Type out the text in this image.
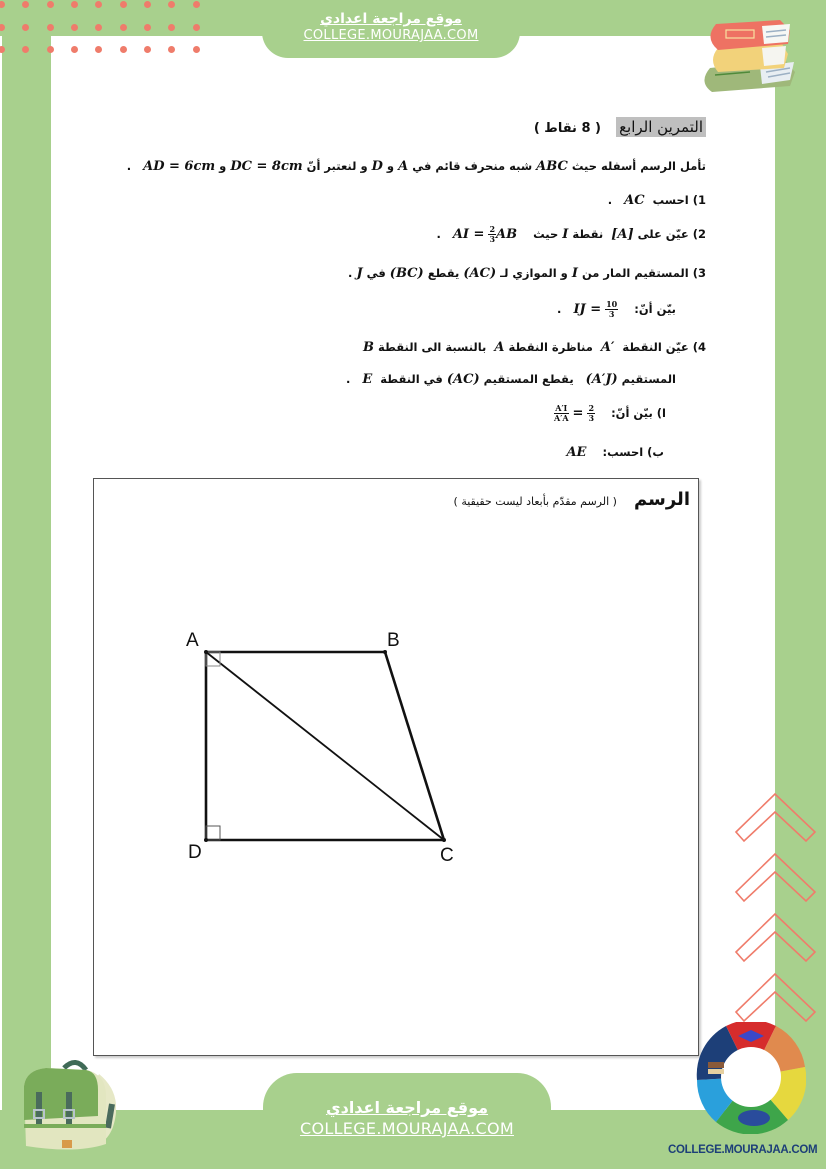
موقع مراجعة اعدادي
COLLEGE.MOURAJAA.COM
التمرين الرابع ( 8 نقاط )
تأمل الرسم أسفله حيث ABC شبه منحرف قائم في A و D و لنعتبر أنّ DC = 8cm و AD = 6cm   .
1) احسب  AC   .
2) عيّن على [A]  نقطة I حيث    AI = $\frac{2}{3}$ AB   .
3) المستقيم المار من I و الموازي لـ (AC) يقطع (BC) في J .
بيّن أنّ:    IJ = $\frac{10}{3}$
.
4) عيّن النقطة  A′  مناظرة النقطة A  بالنسبة الى النقطة B
المستقيم (A′J)   يقطع المستقيم (AC) في النقطة  E   .
ا) بيّن أنّ:
$\frac{A'I}{A'A} = \frac{2}{3}$
ب) احسب:    AE
الرسم ( الرسم مقدّم بأبعاد ليست حقيقية )
A	B
C
D
موقع مراجعة اعدادي
COLLEGE.MOURAJAA.COM
COLLEGE.MOURAJAA.COM
